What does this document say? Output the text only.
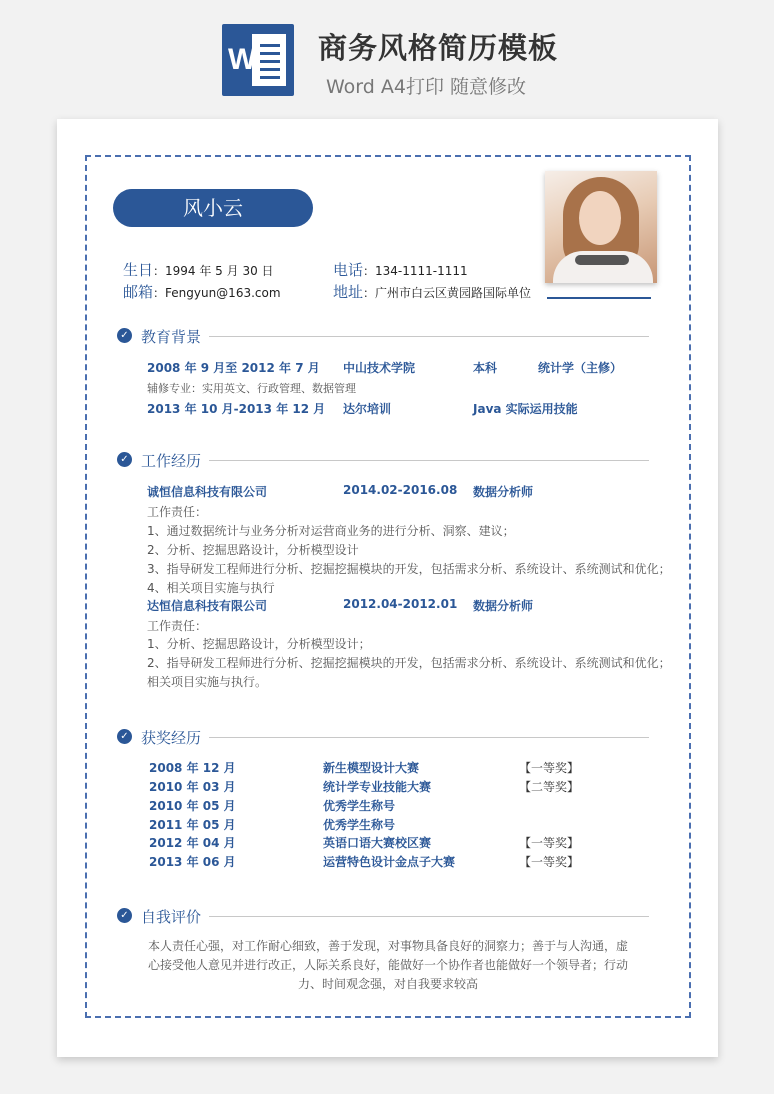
W 商务风格简历模板
Word A4打印 随意修改
风小云
生日：1994 年 5 月 30 日
邮箱：Fengyun@163.com
电话：134-1111-1111
地址：广州市白云区黄园路国际单位
✓ 教育背景
2008 年 9 月至 2012 年 7 月 中山技术学院	本科	统计学（主修）
辅修专业：实用英文、行政管理、数据管理
2013 年 10 月-2013 年 12 月 达尔培训	Java 实际运用技能
✓ 工作经历
诚恒信息科技有限公司	2014.02-2016.08 数据分析师
工作责任：
1、通过数据统计与业务分析对运营商业务的进行分析、洞察、建议；
2、分析、挖掘思路设计，分析模型设计
3、指导研发工程师进行分析、挖掘挖掘模块的开发，包括需求分析、系统设计、系统测试和优化；
4、相关项目实施与执行
达恒信息科技有限公司	2012.04-2012.01 数据分析师
工作责任：
1、分析、挖掘思路设计，分析模型设计；
2、指导研发工程师进行分析、挖掘挖掘模块的开发，包括需求分析、系统设计、系统测试和优化；
相关项目实施与执行。
✓ 获奖经历
2008 年 12 月	新生模型设计大赛	【一等奖】
2010 年 03 月	统计学专业技能大赛	【二等奖】
2010 年 05 月	优秀学生称号
2011 年 05 月	优秀学生称号
2012 年 04 月	英语口语大赛校区赛	【一等奖】
2013 年 06 月	运营特色设计金点子大赛	【一等奖】
✓ 自我评价
本人责任心强，对工作耐心细致，善于发现，对事物具备良好的洞察力；善于与人沟通，虚
心接受他人意见并进行改正，人际关系良好，能做好一个协作者也能做好一个领导者；行动
力、时间观念强，对自我要求较高
